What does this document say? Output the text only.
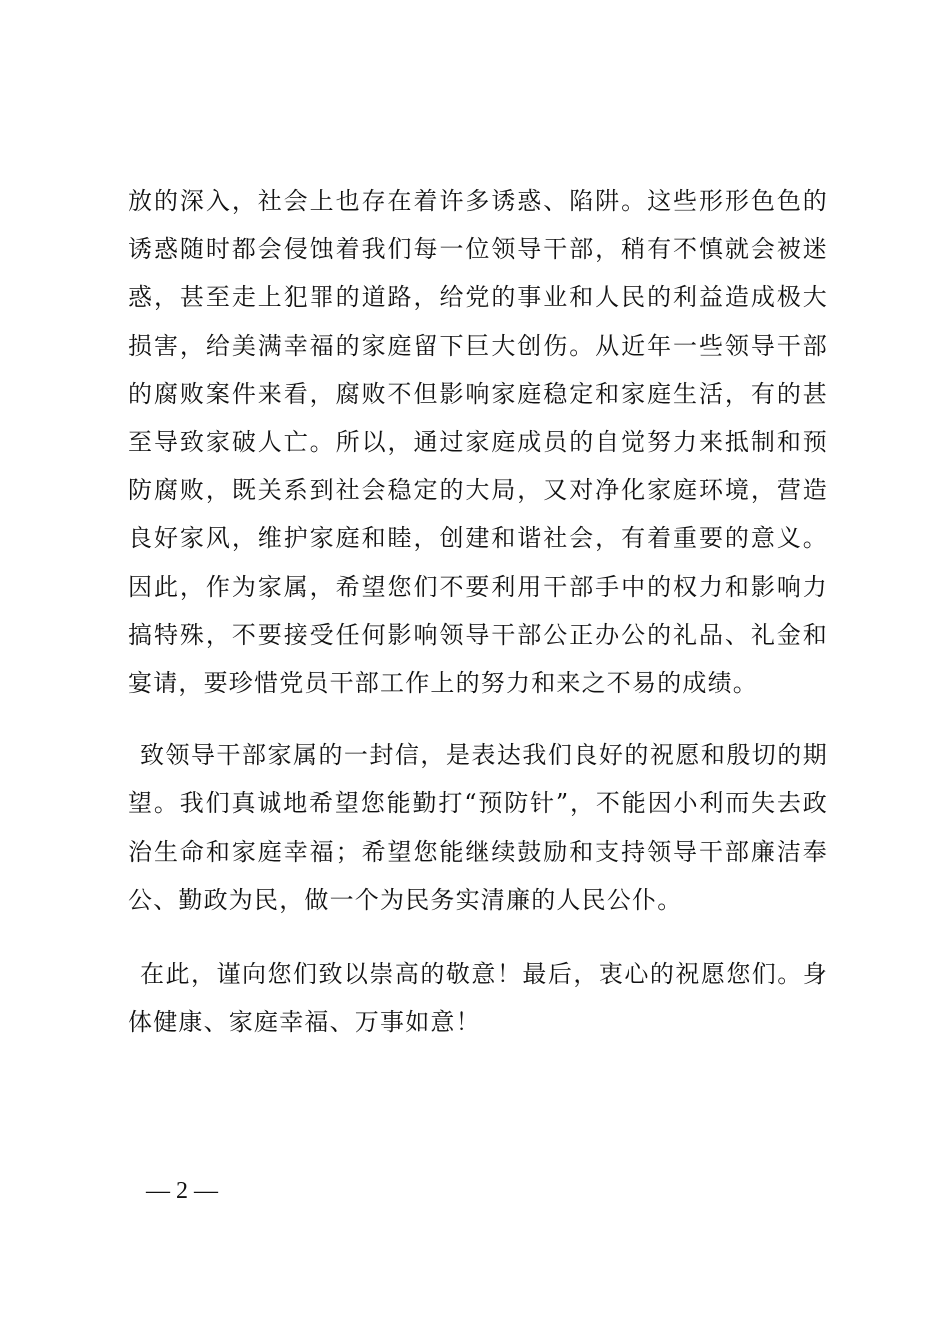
放的深入，社会上也存在着许多诱惑、陷阱。这些形形色色的诱惑随时都会侵蚀着我们每一位领导干部，稍有不慎就会被迷惑，甚至走上犯罪的道路，给党的事业和人民的利益造成极大损害，给美满幸福的家庭留下巨大创伤。从近年一些领导干部的腐败案件来看，腐败不但影响家庭稳定和家庭生活，有的甚至导致家破人亡。所以，通过家庭成员的自觉努力来抵制和预防腐败，既关系到社会稳定的大局，又对净化家庭环境，营造良好家风，维护家庭和睦，创建和谐社会，有着重要的意义。因此，作为家属，希望您们不要利用干部手中的权力和影响力搞特殊，不要接受任何影响领导干部公正办公的礼品、礼金和宴请，要珍惜党员干部工作上的努力和来之不易的成绩。

致领导干部家属的一封信，是表达我们良好的祝愿和殷切的期望。我们真诚地希望您能勤打“预防针”，不能因小利而失去政治生命和家庭幸福；希望您能继续鼓励和支持领导干部廉洁奉公、勤政为民，做一个为民务实清廉的人民公仆。

在此，谨向您们致以崇高的敬意！最后，衷心的祝愿您们。身体健康、家庭幸福、万事如意！

— 2 —
